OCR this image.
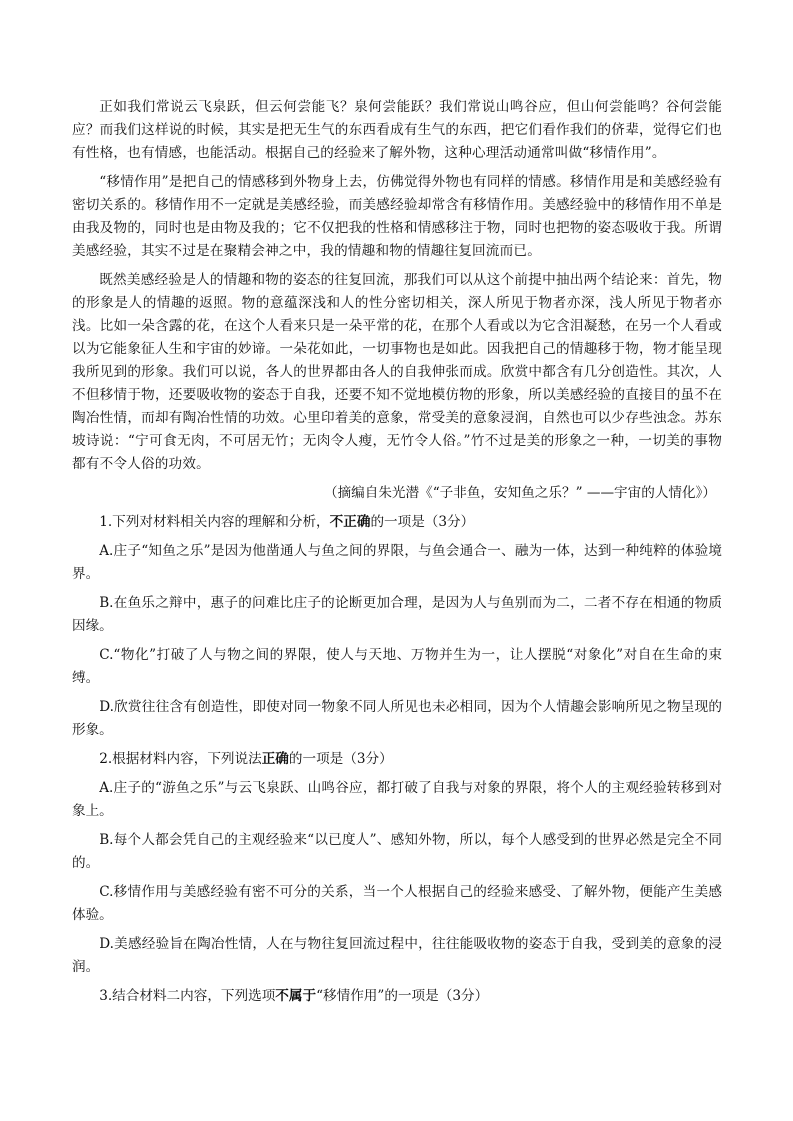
正如我们常说云飞泉跃，但云何尝能飞？泉何尝能跃？我们常说山鸣谷应，但山何尝能鸣？谷何尝能应？而我们这样说的时候，其实是把无生气的东西看成有生气的东西，把它们看作我们的侪辈，觉得它们也有性格，也有情感，也能活动。根据自己的经验来了解外物，这种心理活动通常叫做“移情作用”。

“移情作用”是把自己的情感移到外物身上去，仿佛觉得外物也有同样的情感。移情作用是和美感经验有密切关系的。移情作用不一定就是美感经验，而美感经验却常含有移情作用。美感经验中的移情作用不单是由我及物的，同时也是由物及我的；它不仅把我的性格和情感移注于物，同时也把物的姿态吸收于我。所谓美感经验，其实不过是在聚精会神之中，我的情趣和物的情趣往复回流而已。

既然美感经验是人的情趣和物的姿态的往复回流，那我们可以从这个前提中抽出两个结论来：首先，物的形象是人的情趣的返照。物的意蕴深浅和人的性分密切相关，深人所见于物者亦深，浅人所见于物者亦浅。比如一朵含露的花，在这个人看来只是一朵平常的花，在那个人看或以为它含泪凝愁，在另一个人看或以为它能象征人生和宇宙的妙谛。一朵花如此，一切事物也是如此。因我把自己的情趣移于物，物才能呈现我所见到的形象。我们可以说，各人的世界都由各人的自我伸张而成。欣赏中都含有几分创造性。其次，人不但移情于物，还要吸收物的姿态于自我，还要不知不觉地模仿物的形象，所以美感经验的直接目的虽不在陶冶性情，而却有陶冶性情的功效。心里印着美的意象，常受美的意象浸润，自然也可以少存些浊念。苏东坡诗说：“宁可食无肉，不可居无竹；无肉令人瘦，无竹令人俗。”竹不过是美的形象之一种，一切美的事物都有不令人俗的功效。

（摘编自朱光潜《“子非鱼，安知鱼之乐？” ——宇宙的人情化》）

1.下列对材料相关内容的理解和分析，不正确的一项是（3分）

A.庄子“知鱼之乐”是因为他凿通人与鱼之间的界限，与鱼会通合一、融为一体，达到一种纯粹的体验境界。

B.在鱼乐之辩中，惠子的问难比庄子的论断更加合理，是因为人与鱼别而为二，二者不存在相通的物质因缘。

C.“物化”打破了人与物之间的界限，使人与天地、万物并生为一，让人摆脱“对象化”对自在生命的束缚。

D.欣赏往往含有创造性，即使对同一物象不同人所见也未必相同，因为个人情趣会影响所见之物呈现的形象。

2.根据材料内容，下列说法正确的一项是（3分）

A.庄子的“游鱼之乐”与云飞泉跃、山鸣谷应，都打破了自我与对象的界限，将个人的主观经验转移到对象上。

B.每个人都会凭自己的主观经验来“以已度人”、感知外物，所以，每个人感受到的世界必然是完全不同的。

C.移情作用与美感经验有密不可分的关系，当一个人根据自己的经验来感受、了解外物，便能产生美感体验。

D.美感经验旨在陶冶性情，人在与物往复回流过程中，往往能吸收物的姿态于自我，受到美的意象的浸润。

3.结合材料二内容，下列选项不属于“移情作用”的一项是（3分）
